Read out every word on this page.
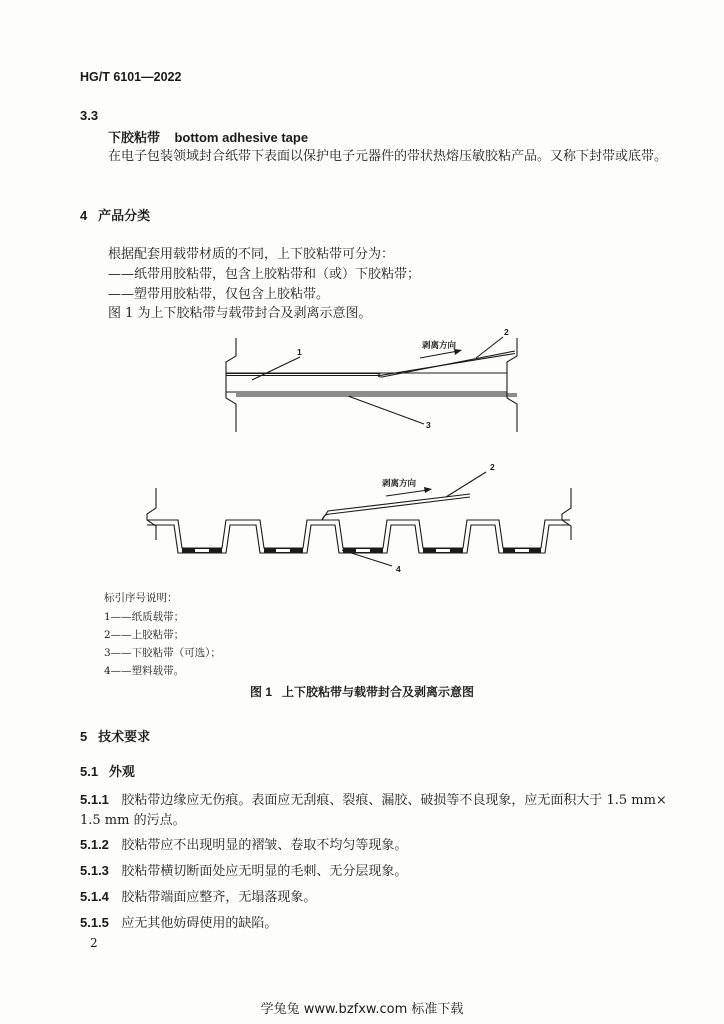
HG/T 6101—2022
3.3
下胶粘带    bottom adhesive tape
在电子包装领域封合纸带下表面以保护电子元器件的带状热熔压敏胶粘产品。又称下封带或底带。
4   产品分类
根据配套用载带材质的不同，上下胶粘带可分为：
——纸带用胶粘带，包含上胶粘带和（或）下胶粘带；
——塑带用胶粘带，仅包含上胶粘带。
图 1 为上下胶粘带与载带封合及剥离示意图。
剥离方向
1
2
3
剥离方向
2
4
标引序号说明：
1——纸质载带；
2——上胶粘带；
3——下胶粘带（可选）；
4——塑料载带。
图 1   上下胶粘带与载带封合及剥离示意图
5   技术要求
5.1   外观
5.1.1 胶粘带边缘应无伤痕。表面应无刮痕、裂痕、漏胶、破损等不良现象，应无面积大于 1.5 mm×
1.5 mm 的污点。
5.1.2 胶粘带应不出现明显的褶皱、卷取不均匀等现象。
5.1.3 胶粘带横切断面处应无明显的毛刺、无分层现象。
5.1.4 胶粘带端面应整齐，无塌落现象。
5.1.5 应无其他妨碍使用的缺陷。
2
学兔兔 www.bzfxw.com 标准下载
